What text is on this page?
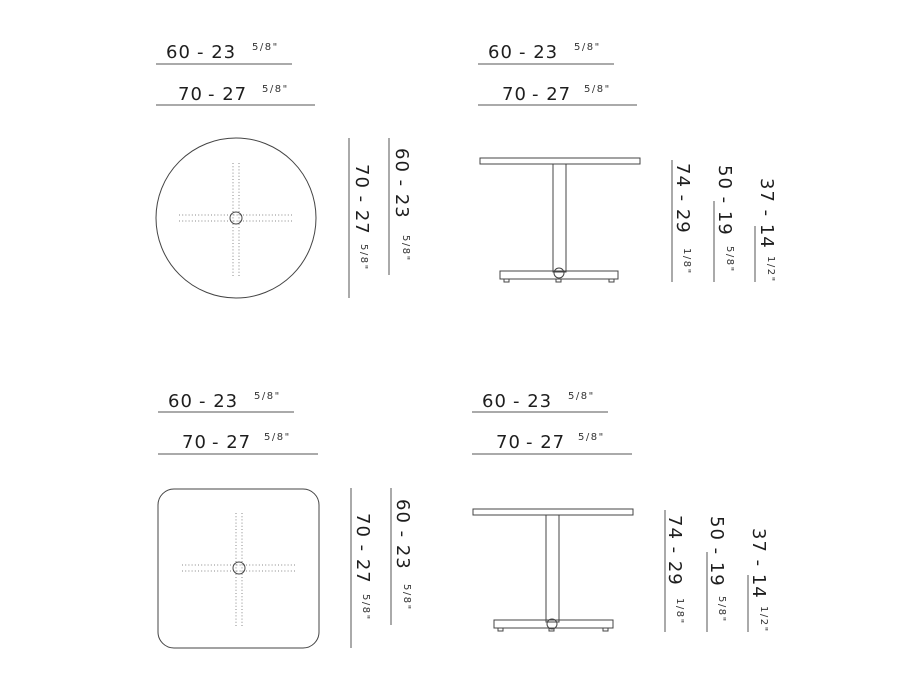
60 - 23 5/8"
70 - 27 5/8"
70 - 27
5/8"
60 - 23
5/8"
60 - 23 5/8"
70 - 27 5/8"
74 - 29
1/8"
50 - 19
5/8"
37 - 14
1/2"
60 - 23 5/8"
70 - 27 5/8"
70 - 27
5/8"
60 - 23
5/8"
60 - 23 5/8"
70 - 27 5/8"
74 - 29
1/8"
50 - 19
5/8"
37 - 14
1/2"
